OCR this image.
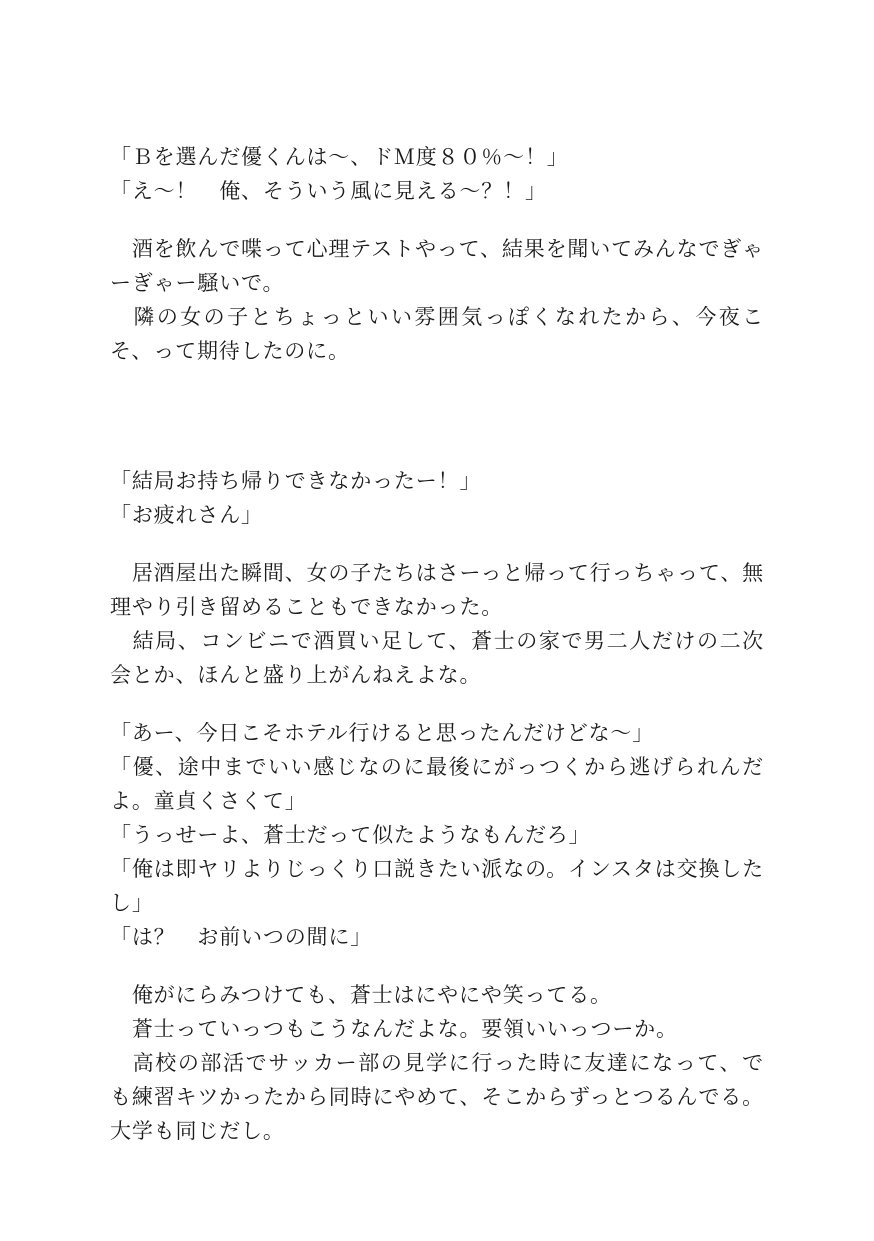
「Ｂを選んだ優くんは～、ドＭ度８０％～！」

「え～！　俺、そういう風に見える～？！」

　酒を飲んで喋って心理テストやって、結果を聞いてみんなでぎゃーぎゃー騒いで。

　隣の女の子とちょっといい雰囲気っぽくなれたから、今夜こそ、って期待したのに。

「結局お持ち帰りできなかったー！」

「お疲れさん」

　居酒屋出た瞬間、女の子たちはさーっと帰って行っちゃって、無理やり引き留めることもできなかった。

　結局、コンビニで酒買い足して、蒼士の家で男二人だけの二次会とか、ほんと盛り上がんねえよな。

「あー、今日こそホテル行けると思ったんだけどな～」

「優、途中までいい感じなのに最後にがっつくから逃げられんだよ。童貞くさくて」

「うっせーよ、蒼士だって似たようなもんだろ」

「俺は即ヤリよりじっくり口説きたい派なの。インスタは交換したし」

「は？　お前いつの間に」

　俺がにらみつけても、蒼士はにやにや笑ってる。

　蒼士っていっつもこうなんだよな。要領いいっつーか。

　高校の部活でサッカー部の見学に行った時に友達になって、でも練習キツかったから同時にやめて、そこからずっとつるんでる。大学も同じだし。
